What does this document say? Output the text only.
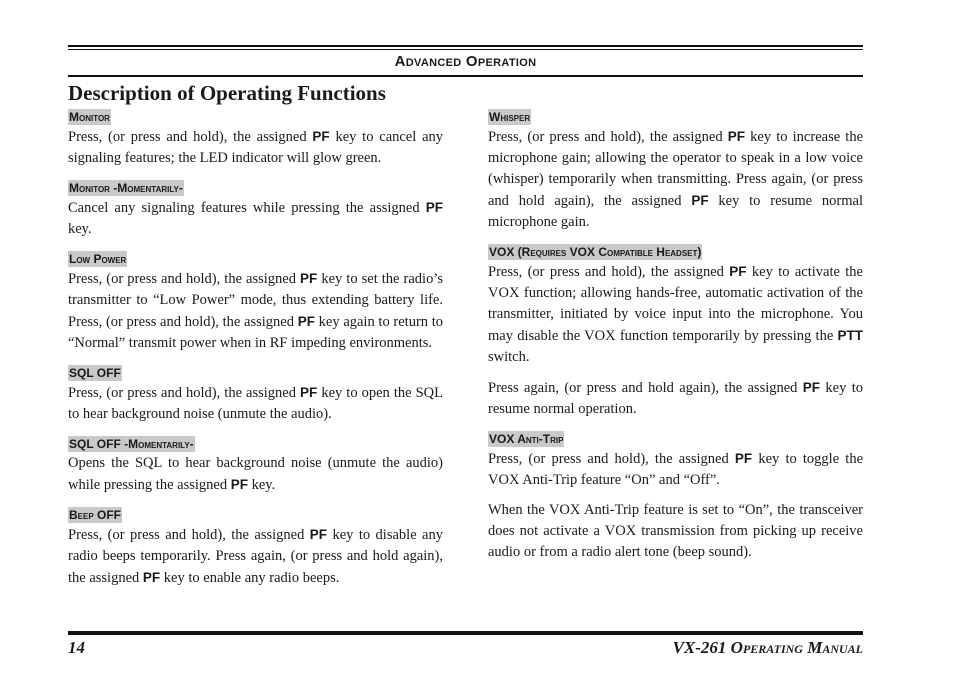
Advanced Operation
Description of Operating Functions
Monitor

Press, (or press and hold), the assigned PF key to cancel any signaling features; the LED indicator will glow green.

Monitor -Momentarily-

Cancel any signaling features while pressing the assigned PF key.

Low Power

Press, (or press and hold), the assigned PF key to set the radio’s transmitter to “Low Power” mode, thus extending battery life. Press, (or press and hold), the assigned PF key again to return to “Normal” transmit power when in RF impeding environments.

SQL OFF

Press, (or press and hold), the assigned PF key to open the SQL to hear background noise (unmute the audio).

SQL OFF -Momentarily-

Opens the SQL to hear background noise (unmute the audio) while pressing the assigned PF key.

Beep OFF

Press, (or press and hold), the assigned PF key to disable any radio beeps temporarily. Press again, (or press and hold again), the assigned PF key to enable any radio beeps.

Whisper

Press, (or press and hold), the assigned PF key to increase the microphone gain; allowing the operator to speak in a low voice (whisper) temporarily when transmitting. Press again, (or press and hold again), the assigned PF key to resume normal microphone gain.

VOX (Requires VOX Compatible Headset)

Press, (or press and hold), the assigned PF key to activate the VOX function; allowing hands-free, automatic activation of the transmitter, initiated by voice input into the microphone. You may disable the VOX function temporarily by pressing the PTT switch.

Press again, (or press and hold again), the assigned PF key to resume normal operation.

VOX Anti-Trip

Press, (or press and hold), the assigned PF key to toggle the VOX Anti-Trip feature “On” and “Off”.

When the VOX Anti-Trip feature is set to “On”, the transceiver does not activate a VOX transmission from picking up receive audio or from a radio alert tone (beep sound).

14	VX-261 Operating Manual
